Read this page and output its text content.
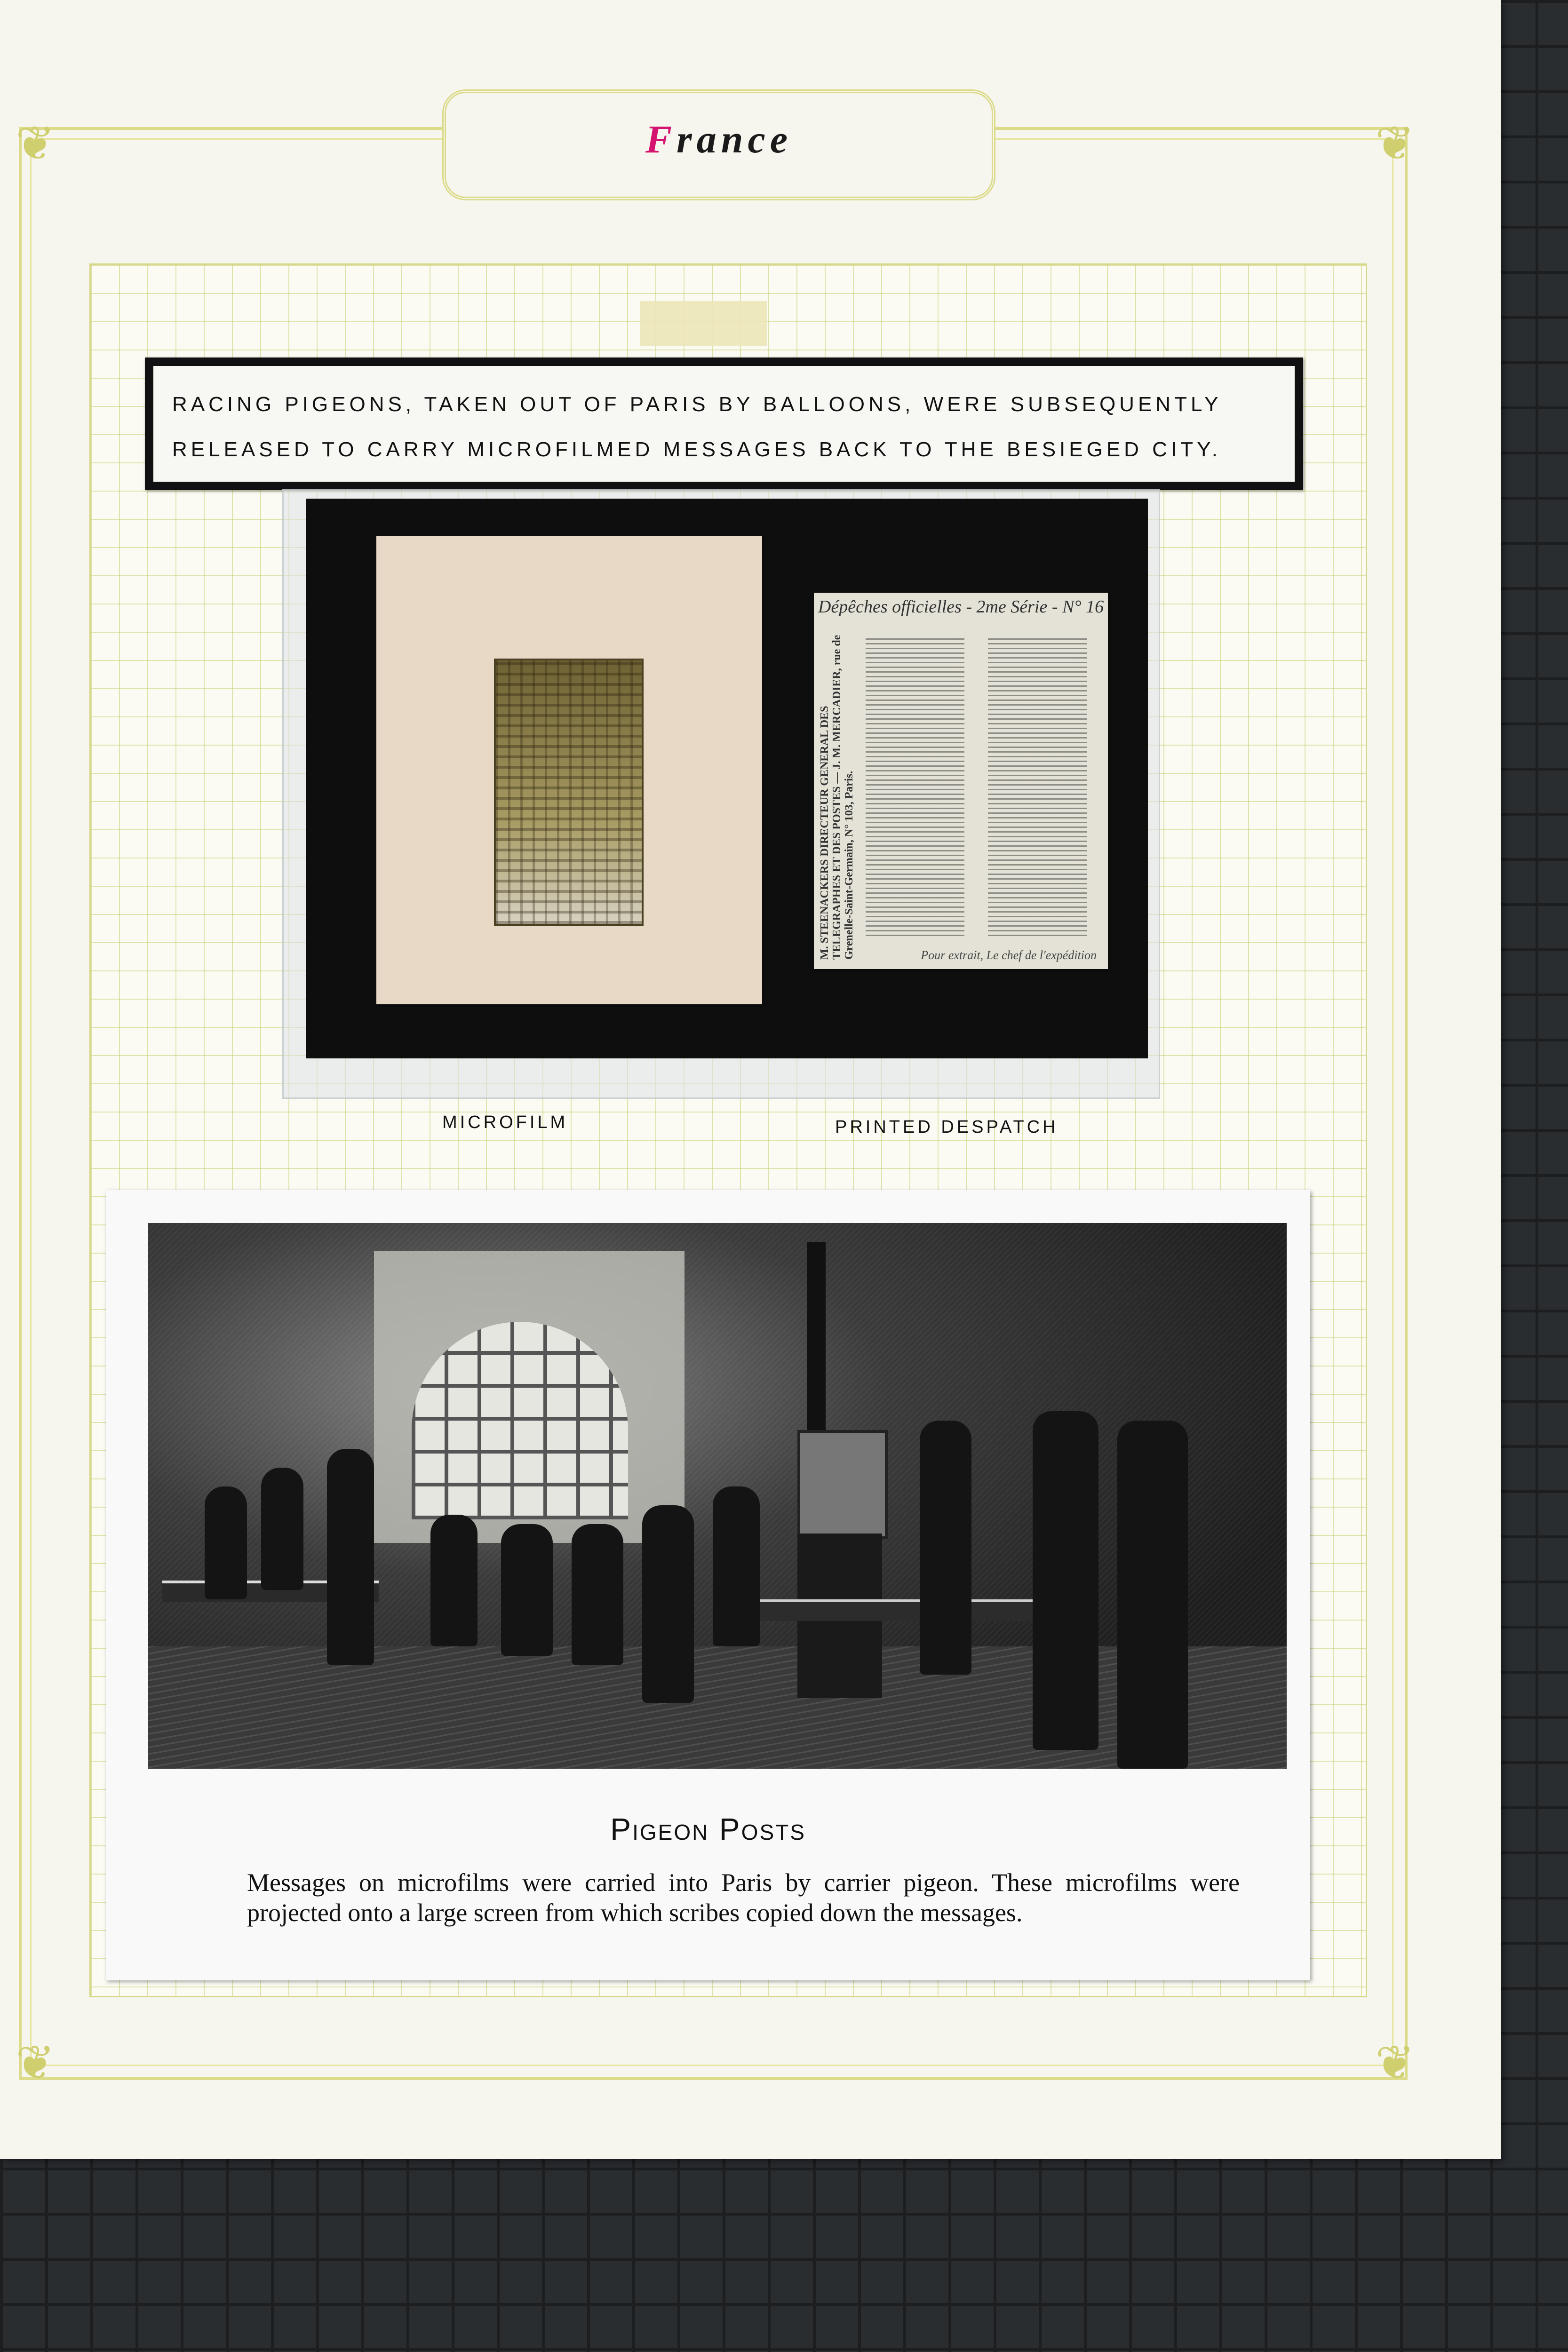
❦	❦
❦	❦
France
RACING PIGEONS, TAKEN OUT OF PARIS BY BALLOONS, WERE SUBSEQUENTLY
RELEASED TO CARRY MICROFILMED MESSAGES BACK TO THE BESIEGED CITY.
Dépêches officielles - 2me Série - N° 16
M. STEENACKERS DIRECTEUR GENERAL DES TELEGRAPHES ET DES POSTES — J. M. MERCADIER, rue de Grenelle-Saint-Germain, N° 103, Paris.	Pour extrait, Le chef de l'expédition
MICROFILM	PRINTED DESPATCH
Pigeon Posts
Messages on microfilms were carried into Paris by carrier pigeon. These microfilms were projected onto a large screen from which scribes copied down the messages.
